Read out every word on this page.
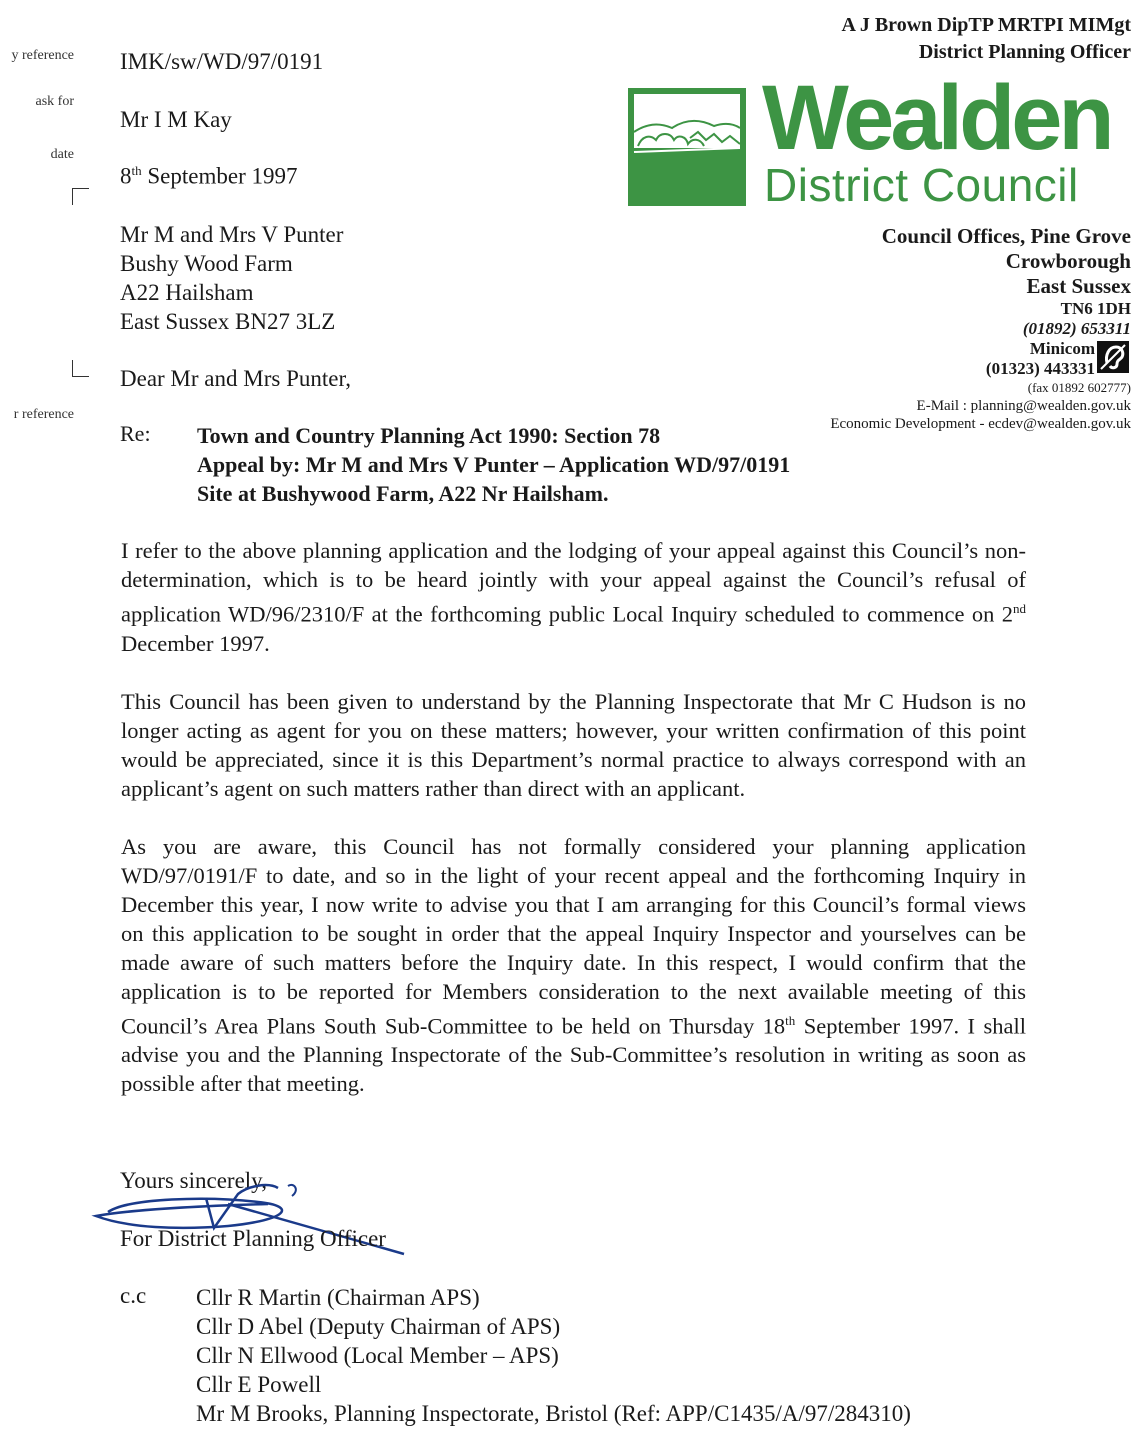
A J Brown DipTP MRTPI MIMgt
District Planning Officer
Wealden
District Council
Council Offices, Pine Grove
Crowborough
East Sussex
TN6 1DH
(01892) 653311
Minicom
(01323) 443331
(fax 01892 602777)
E-Mail : planning@wealden.gov.uk
Economic Development - ecdev@wealden.gov.uk
y reference
ask for
date
r reference
IMK/sw/WD/97/0191
Mr I M Kay
8th September 1997
Mr M and Mrs V Punter
Bushy Wood Farm
A22 Hailsham
East Sussex BN27 3LZ
Dear Mr and Mrs Punter,
Re: Town and Country Planning Act 1990: Section 78
Appeal by: Mr M and Mrs V Punter – Application WD/97/0191
Site at Bushywood Farm, A22 Nr Hailsham.

I refer to the above planning application and the lodging of your appeal against this Council’s non-determination, which is to be heard jointly with your appeal against the Council’s refusal of application WD/96/2310/F at the forthcoming public Local Inquiry scheduled to commence on 2nd December 1997.

This Council has been given to understand by the Planning Inspectorate that Mr C Hudson is no longer acting as agent for you on these matters; however, your written confirmation of this point would be appreciated, since it is this Department’s normal practice to always correspond with an applicant’s agent on such matters rather than direct with an applicant.

As you are aware, this Council has not formally considered your planning application WD/97/0191/F to date, and so in the light of your recent appeal and the forthcoming Inquiry in December this year, I now write to advise you that I am arranging for this Council’s formal views on this application to be sought in order that the appeal Inquiry Inspector and yourselves can be made aware of such matters before the Inquiry date. In this respect, I would confirm that the application is to be reported for Members consideration to the next available meeting of this Council’s Area Plans South Sub-Committee to be held on Thursday 18th September 1997. I shall advise you and the Planning Inspectorate of the Sub-Committee’s resolution in writing as soon as possible after that meeting.

Yours sincerely,
For District Planning Officer
c.c Cllr R Martin (Chairman APS)
Cllr D Abel (Deputy Chairman of APS)
Cllr N Ellwood (Local Member – APS)
Cllr E Powell
Mr M Brooks, Planning Inspectorate, Bristol (Ref: APP/C1435/A/97/284310)
